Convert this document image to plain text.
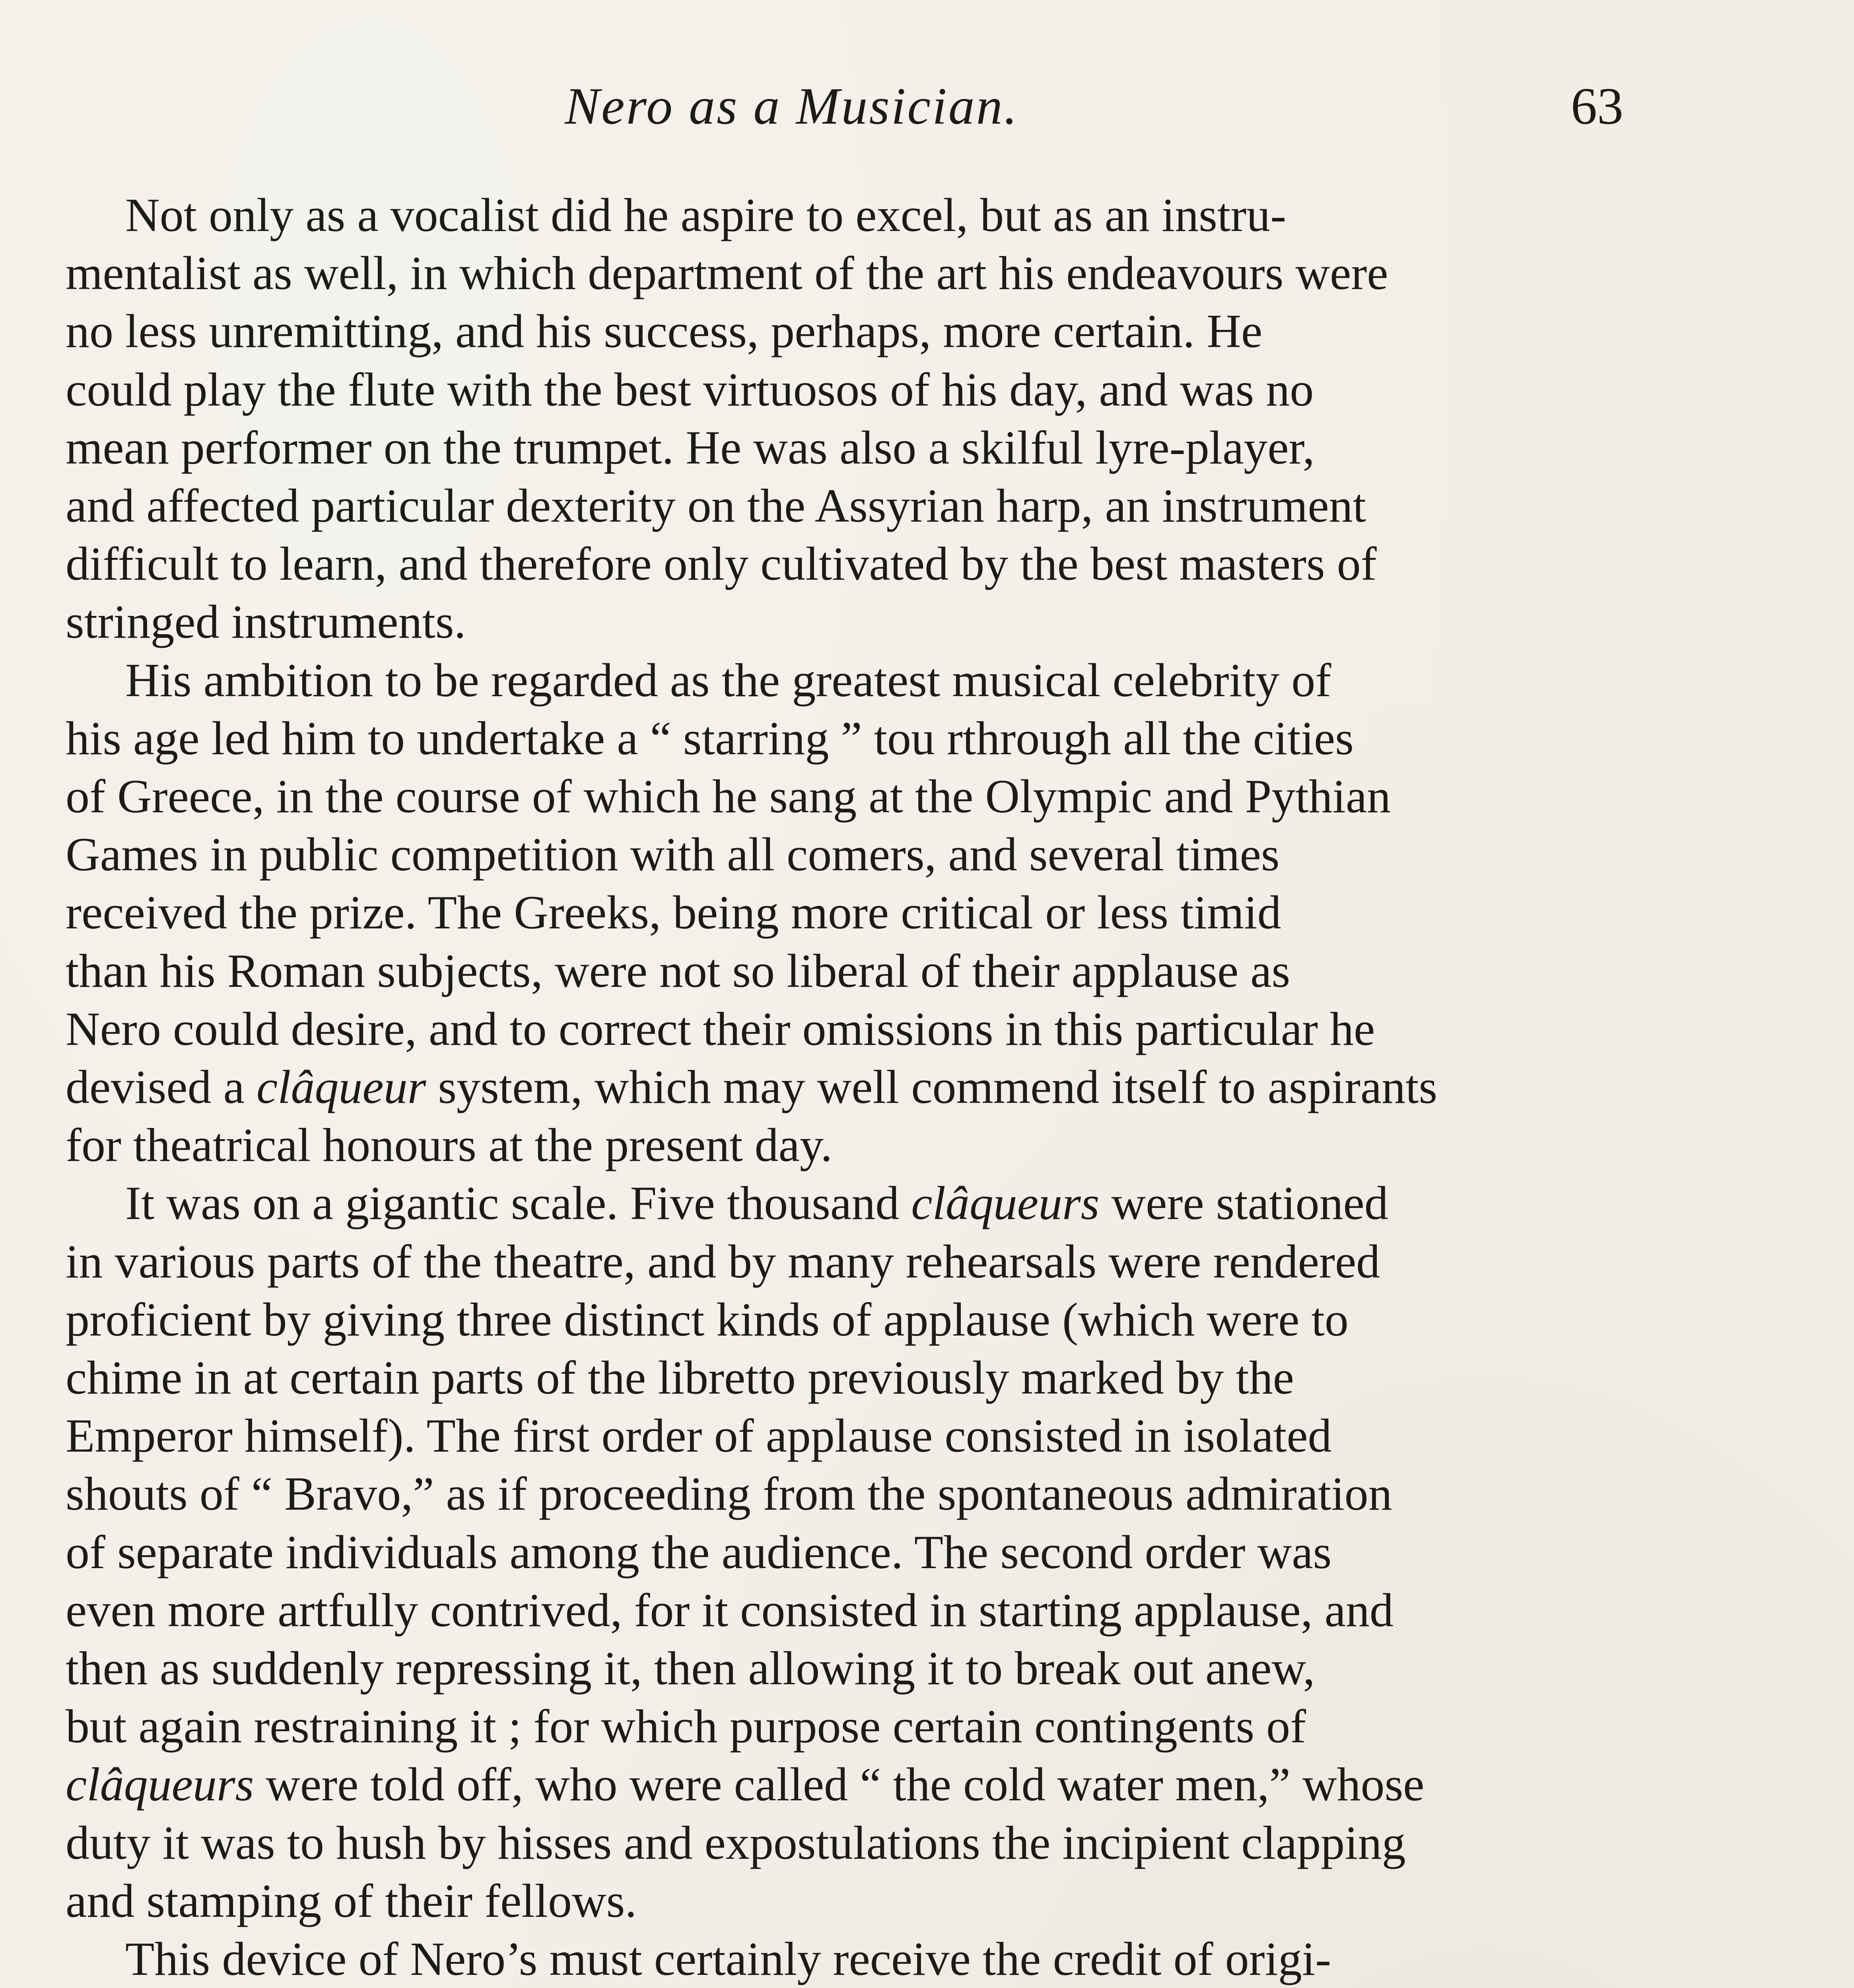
Nero as a Musician.	63

Not only as a vocalist did he aspire to excel, but as an instru-
mentalist as well, in which department of the art his endeavours were
no less unremitting, and his success, perhaps, more certain. He
could play the flute with the best virtuosos of his day, and was no
mean performer on the trumpet. He was also a skilful lyre-player,
and affected particular dexterity on the Assyrian harp, an instrument
difficult to learn, and therefore only cultivated by the best masters of
stringed instruments.

His ambition to be regarded as the greatest musical celebrity of
his age led him to undertake a “ starring ” tou rthrough all the cities
of Greece, in the course of which he sang at the Olympic and Pythian
Games in public competition with all comers, and several times
received the prize. The Greeks, being more critical or less timid
than his Roman subjects, were not so liberal of their applause as
Nero could desire, and to correct their omissions in this particular he
devised a clâqueur system, which may well commend itself to aspirants
for theatrical honours at the present day.

It was on a gigantic scale. Five thousand clâqueurs were stationed
in various parts of the theatre, and by many rehearsals were rendered
proficient by giving three distinct kinds of applause (which were to
chime in at certain parts of the libretto previously marked by the
Emperor himself). The first order of applause consisted in isolated
shouts of “ Bravo,” as if proceeding from the spontaneous admiration
of separate individuals among the audience. The second order was
even more artfully contrived, for it consisted in starting applause, and
then as suddenly repressing it, then allowing it to break out anew,
but again restraining it ; for which purpose certain contingents of
clâqueurs were told off, who were called “ the cold water men,” whose
duty it was to hush by hisses and expostulations the incipient clapping
and stamping of their fellows.

This device of Nero’s must certainly receive the credit of origi-
